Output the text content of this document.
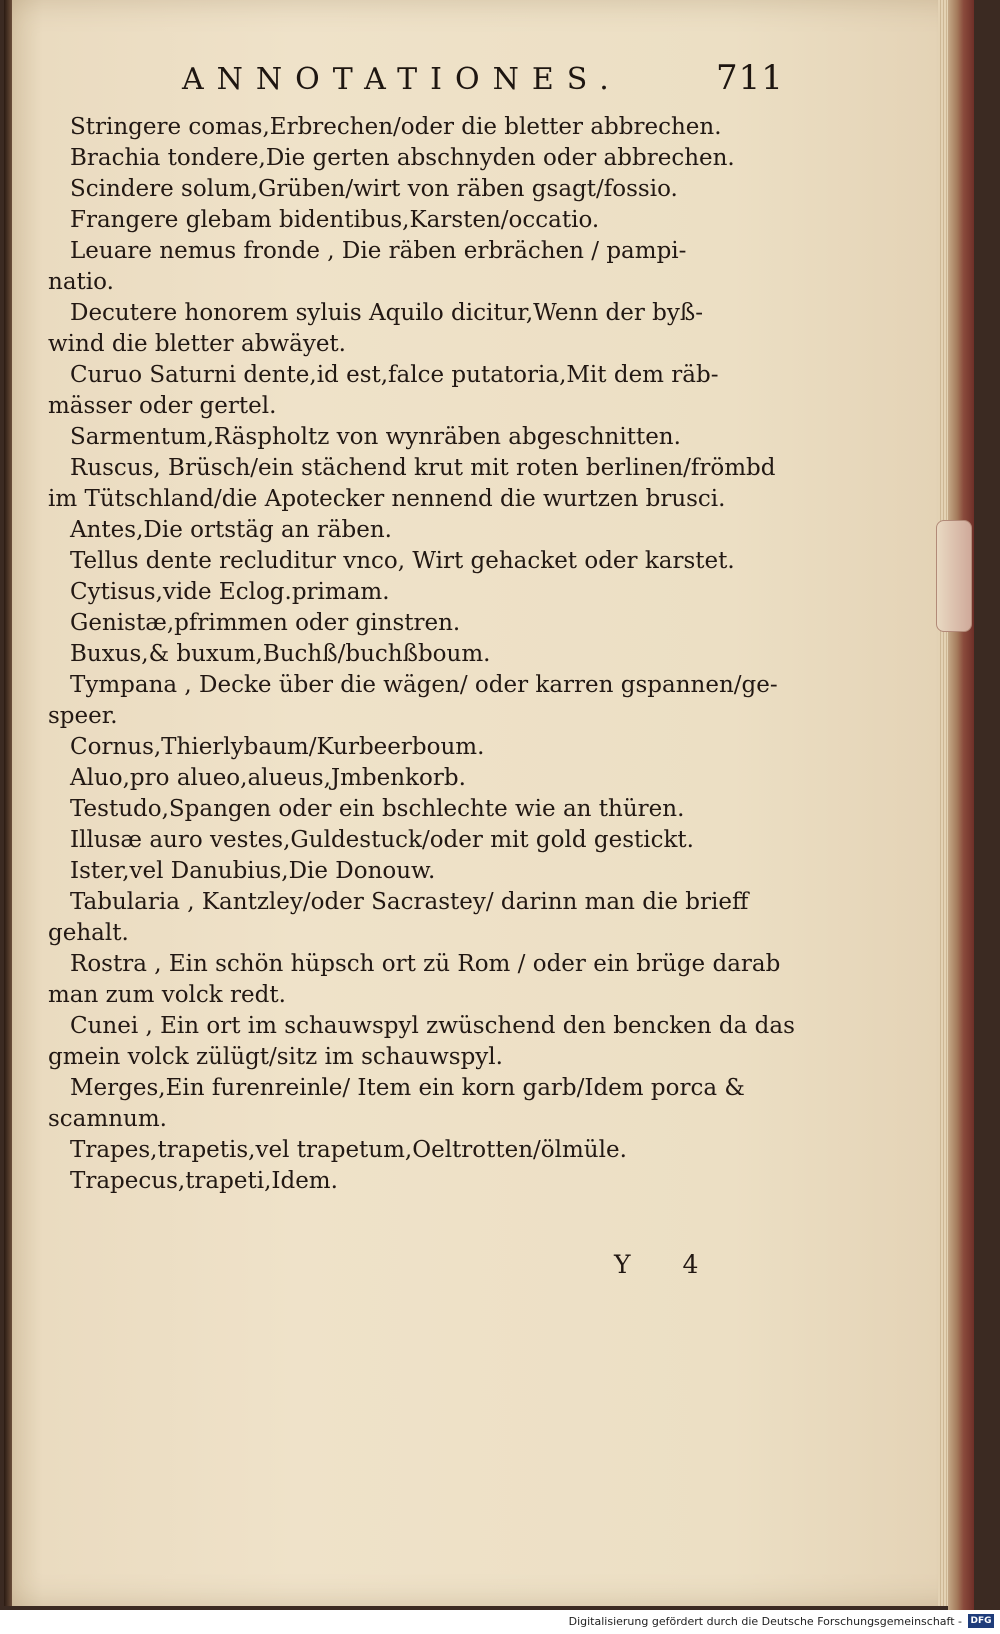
ANNOTATIONES.	711
Stringere comas,Erbrechen/oder die bletter abbrechen.
Brachia tondere,Die gerten abschnyden oder abbrechen.
Scindere solum,Grüben/wirt von räben gsagt/fossio.
Frangere glebam bidentibus,Karsten/occatio.
Leuare nemus fronde , Die räben erbrächen / pampi-
natio.
Decutere honorem syluis Aquilo dicitur,Wenn der byß-
wind die bletter abwäyet.
Curuo Saturni dente,id est,falce putatoria,Mit dem räb-
mässer oder gertel.
Sarmentum,Räspholtz von wynräben abgeschnitten.
Ruscus, Brüsch/ein stächend krut mit roten berlinen/frömbd
im Tütschland/die Apotecker nennend die wurtzen brusci.
Antes,Die ortstäg an räben.
Tellus dente recluditur vnco, Wirt gehacket oder karstet.
Cytisus,vide Eclog.primam.
Genistæ,pfrimmen oder ginstren.
Buxus,& buxum,Buchß/buchßboum.
Tympana , Decke über die wägen/ oder karren gspannen/ge-
speer.
Cornus,Thierlybaum/Kurbeerboum.
Aluo,pro alueo,alueus,Jmbenkorb.
Testudo,Spangen oder ein bschlechte wie an thüren.
Illusæ auro vestes,Guldestuck/oder mit gold gestickt.
Ister,vel Danubius,Die Donouw.
Tabularia , Kantzley/oder Sacrastey/ darinn man die brieff
gehalt.
Rostra , Ein schön hüpsch ort zü Rom / oder ein brüge darab
man zum volck redt.
Cunei , Ein ort im schauwspyl zwüschend den bencken da das
gmein volck zülügt/sitz im schauwspyl.
Merges,Ein furenreinle/ Item ein korn garb/Idem porca &
scamnum.
Trapes,trapetis,vel trapetum,Oeltrotten/ölmüle.
Trapecus,trapeti,Idem.
Y 4
Digitalisierung gefördert durch die Deutsche Forschungsgemeinschaft - DFG
